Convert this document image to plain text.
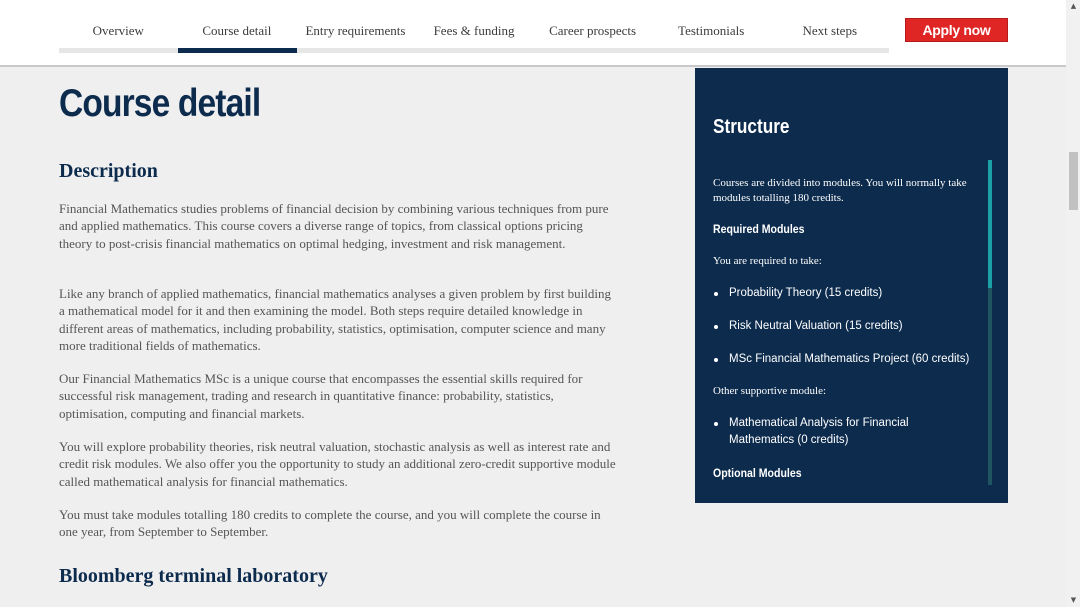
Overview	Course detail	Entry requirements	Fees & funding	Career prospects	Testimonials	Next steps	Apply now
Course detail
Description

Financial Mathematics studies problems of financial decision by combining various techniques from pure and applied mathematics. This course covers a diverse range of topics, from classical options pricing theory to post-crisis financial mathematics on optimal hedging, investment and risk management.

Like any branch of applied mathematics, financial mathematics analyses a given problem by first building a mathematical model for it and then examining the model. Both steps require detailed knowledge in different areas of mathematics, including probability, statistics, optimisation, computer science and many more traditional fields of mathematics.

Our Financial Mathematics MSc is a unique course that encompasses the essential skills required for successful risk management, trading and research in quantitative finance: probability, statistics, optimisation, computing and financial markets.

You will explore probability theories, risk neutral valuation, stochastic analysis as well as interest rate and credit risk modules. We also offer you the opportunity to study an additional zero-credit supportive module called mathematical analysis for financial mathematics.

You must take modules totalling 180 credits to complete the course, and you will complete the course in one year, from September to September.

Bloomberg terminal laboratory
Structure

Courses are divided into modules. You will normally take modules totalling 180 credits.

Required Modules

You are required to take:

Probability Theory (15 credits)
Risk Neutral Valuation (15 credits)
MSc Financial Mathematics Project (60 credits)

Other supportive module:

Mathematical Analysis for Financial Mathematics (0 credits)
Optional Modules
▲
▼
